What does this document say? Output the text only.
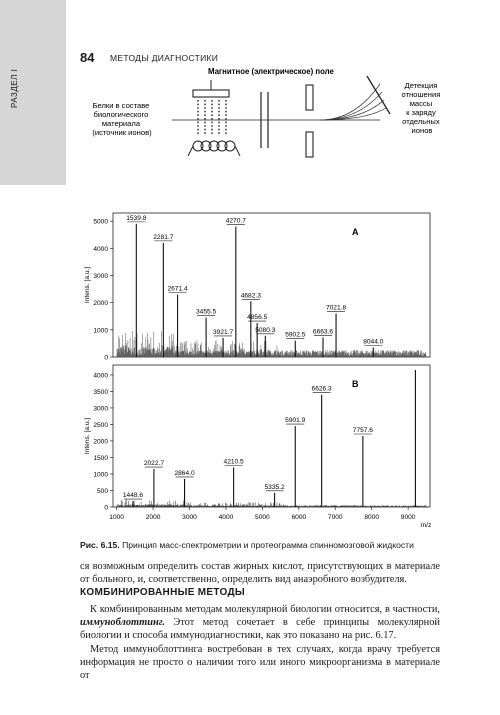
РАЗДЕЛ I
84 МЕТОДЫ ДИАГНОСТИКИ
Магнитное (электрическое) поле
Белки в составе биологического материала (источник ионов)
Детекция отношения массы к заряду отдельных ионов
0
1000
2000
3000
4000
5000
Intens. [a.u.]
A
1539.8
2281.7
2671.4
3455.5
3921.7
4270.7
4682.3
4856.5
5080.3
5902.5 6663.6
7021.8
8044.0
0
500
1000
1500
2000
2500
3000
3500
4000
Intens. [a.u.]
B
1448.6
2022.7
2864.0
4210.5
5335.2
5901.9
6626.3
7757.6
1000	2000	3000	4000	5000	6000	7000	8000	9000
m/z
Рис. 6.15. Принцип масс-спектрометрии и протеограмма спинномозговой жидкости
ся возможным определить состав жирных кислот, присутствующих в материале от больного, и, соответственно, определить вид анаэробного возбудителя.
КОМБИНИРОВАННЫЕ МЕТОДЫ
К комбинированным методам молекулярной биологии относится, в частности, иммуноблоттинг. Этот метод сочетает в себе принципы молекулярной биологии и способа иммунодиагностики, как это показано на рис. 6.17.
Метод иммуноблоттинга востребован в тех случаях, когда врачу требуется информация не просто о наличии того или иного микроорганизма в материале от
